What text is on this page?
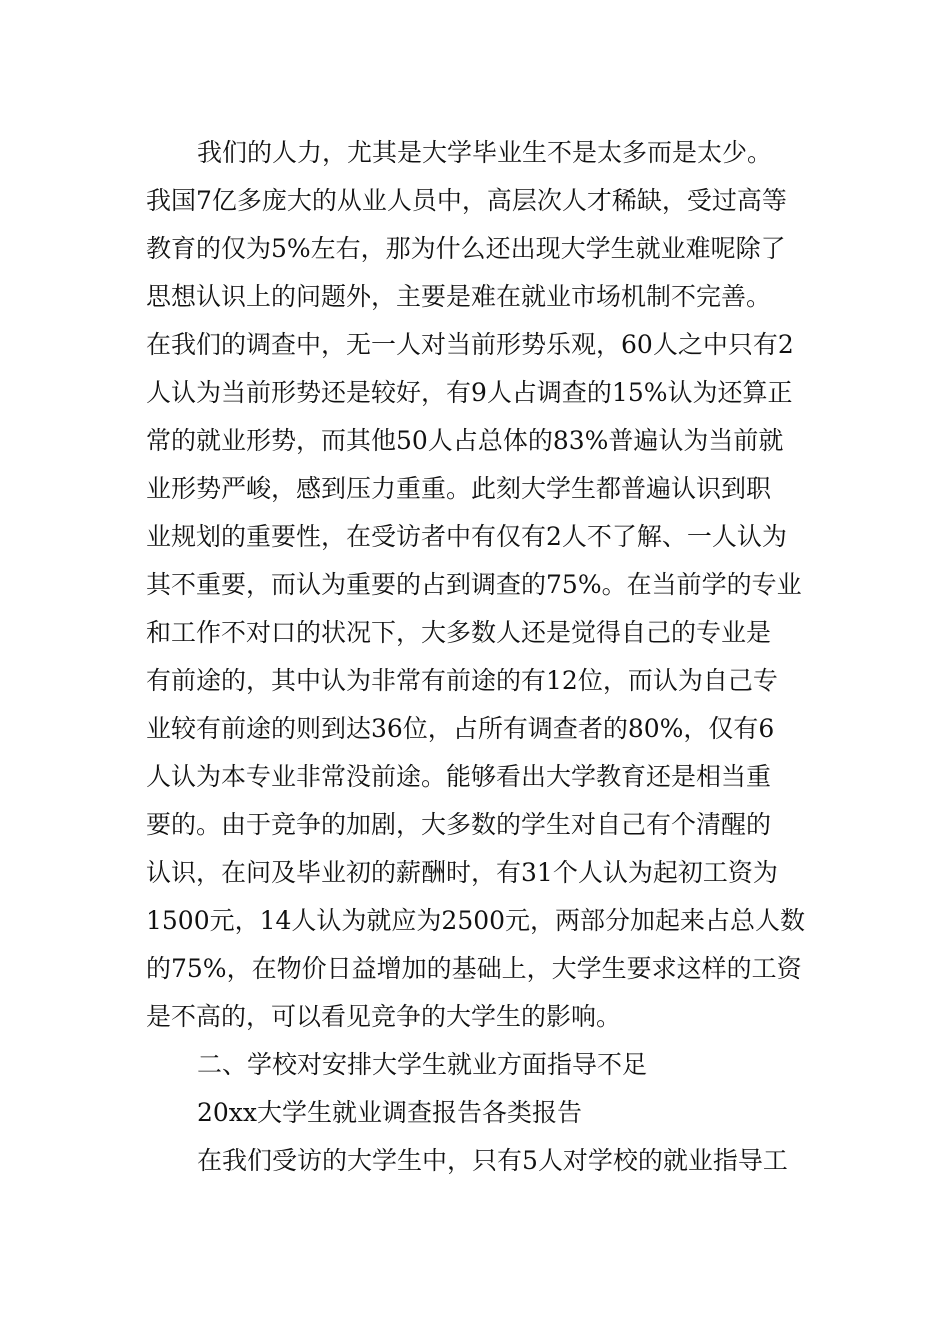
我们的人力，尤其是大学毕业生不是太多而是太少。
我国7亿多庞大的从业人员中，高层次人才稀缺，受过高等
教育的仅为5%左右，那为什么还出现大学生就业难呢除了
思想认识上的问题外，主要是难在就业市场机制不完善。
在我们的调查中，无一人对当前形势乐观，60人之中只有2
人认为当前形势还是较好，有9人占调查的15%认为还算正
常的就业形势，而其他50人占总体的83%普遍认为当前就
业形势严峻，感到压力重重。此刻大学生都普遍认识到职
业规划的重要性，在受访者中有仅有2人不了解、一人认为
其不重要，而认为重要的占到调查的75%。在当前学的专业
和工作不对口的状况下，大多数人还是觉得自己的专业是
有前途的，其中认为非常有前途的有12位，而认为自己专
业较有前途的则到达36位，占所有调查者的80%，仅有6
人认为本专业非常没前途。能够看出大学教育还是相当重
要的。由于竞争的加剧，大多数的学生对自己有个清醒的
认识，在问及毕业初的薪酬时，有31个人认为起初工资为
1500元，14人认为就应为2500元，两部分加起来占总人数
的75%，在物价日益增加的基础上，大学生要求这样的工资
是不高的，可以看见竞争的大学生的影响。
二、学校对安排大学生就业方面指导不足
20xx大学生就业调查报告各类报告
在我们受访的大学生中，只有5人对学校的就业指导工
